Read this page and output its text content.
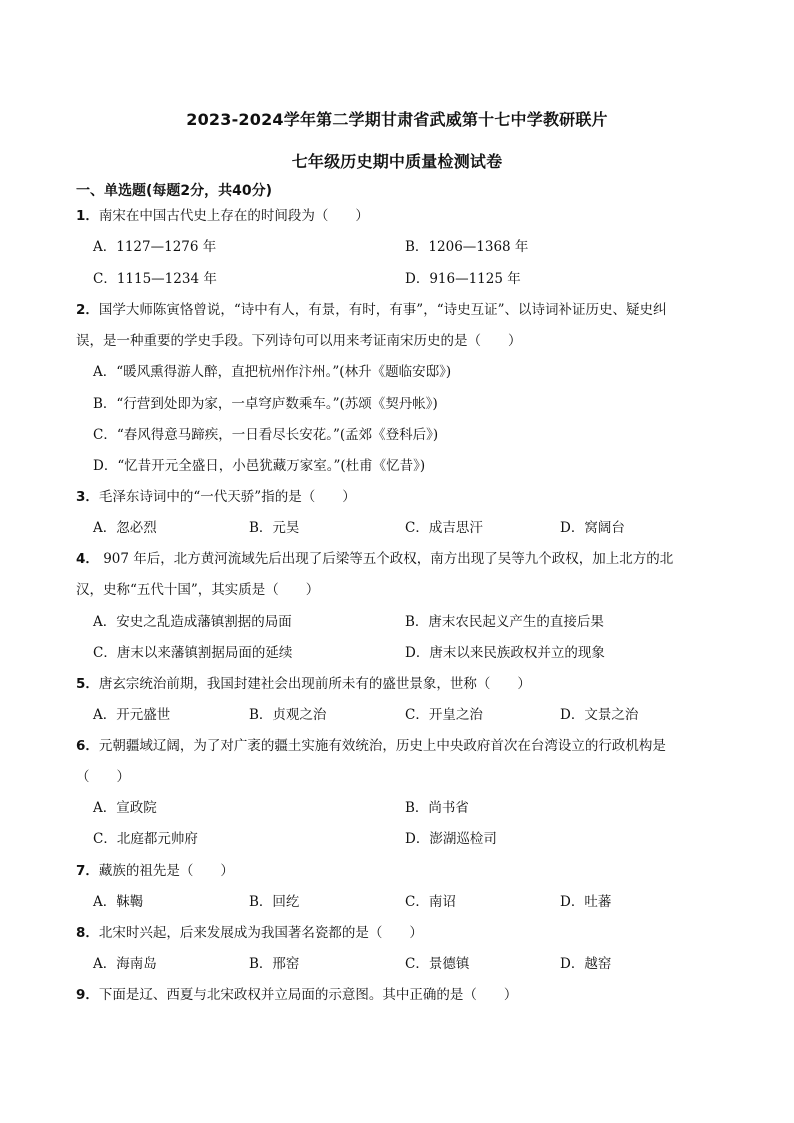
2023-2024学年第二学期甘肃省武威第十七中学教研联片
七年级历史期中质量检测试卷
一、单选题(每题2分，共40分)
1．南宋在中国古代史上存在的时间段为（　　）
A．1127—1276 年	B．1206—1368 年
C．1115—1234 年	D．916—1125 年
2．国学大师陈寅恪曾说，“诗中有人，有景，有时，有事”，“诗史互证”、以诗词补证历史、疑史纠
误，是一种重要的学史手段。下列诗句可以用来考证南宋历史的是（　　）
A．“暖风熏得游人醉，直把杭州作汴州。”(林升《题临安邸》)
B．“行营到处即为家，一卓穹庐数乘车。”(苏颂《契丹帐》)
C．“春风得意马蹄疾，一日看尽长安花。”(孟郊《登科后》)
D．“忆昔开元全盛日，小邑犹藏万家室。”(杜甫《忆昔》)
3．毛泽东诗词中的“一代天骄”指的是（　　）
A．忽必烈	B．元昊	C．成吉思汗	D．窝阔台
4． 907 年后，北方黄河流域先后出现了后梁等五个政权，南方出现了吴等九个政权，加上北方的北
汉，史称“五代十国”，其实质是（　　）
A．安史之乱造成藩镇割据的局面	B．唐末农民起义产生的直接后果
C．唐末以来藩镇割据局面的延续	D．唐末以来民族政权并立的现象
5．唐玄宗统治前期，我国封建社会出现前所未有的盛世景象，世称（　　）
A．开元盛世	B．贞观之治	C．开皇之治	D．文景之治
6．元朝疆域辽阔，为了对广袤的疆土实施有效统治，历史上中央政府首次在台湾设立的行政机构是
（　　）
A．宣政院	B．尚书省
C．北庭都元帅府	D．澎湖巡检司
7．藏族的祖先是（　　）
A．靺鞨	B．回纥	C．南诏	D．吐蕃
8．北宋时兴起，后来发展成为我国著名瓷都的是（　　）
A．海南岛	B．邢窑	C．景德镇	D．越窑
9．下面是辽、西夏与北宋政权并立局面的示意图。其中正确的是（　　）
